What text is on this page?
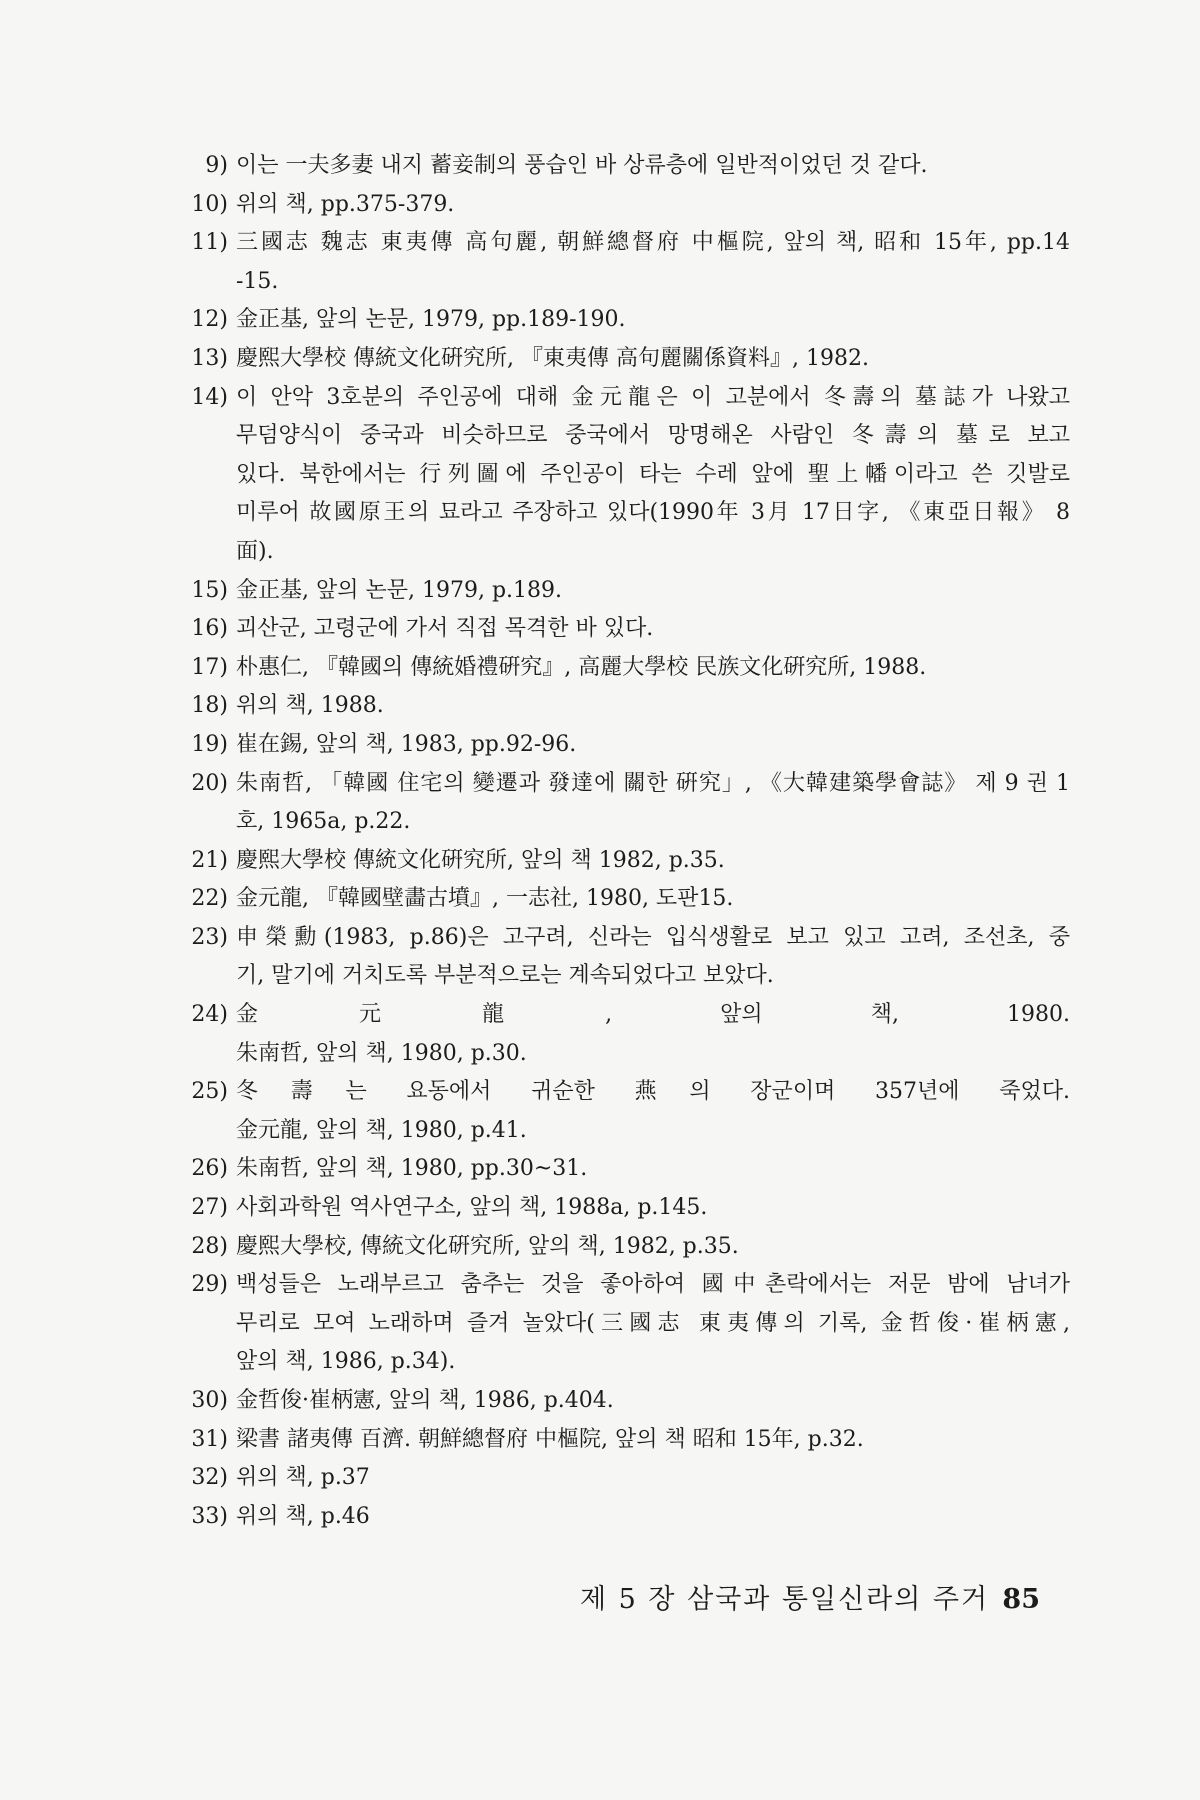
9) 이는 一夫多妻 내지 蓄妾制의 풍습인 바 상류층에 일반적이었던 것 같다.
10) 위의 책, pp.375-379.
11) 三國志 魏志 東夷傳 高句麗, 朝鮮總督府 中樞院, 앞의 책, 昭和 15年, pp.14
-15.
12) 金正基, 앞의 논문, 1979, pp.189-190.
13) 慶熙大學校 傳統文化硏究所, 『東夷傳 高句麗關係資料』, 1982.
14) 이 안악 3호분의 주인공에 대해 金元龍은 이 고분에서 冬壽의 墓誌가 나왔고
무덤양식이 중국과 비슷하므로 중국에서 망명해온 사람인 冬壽의 墓로 보고
있다. 북한에서는 行列圖에 주인공이 타는 수레 앞에 聖上幡이라고 쓴 깃발로
미루어 故國原王의 묘라고 주장하고 있다(1990年 3月 17日字, 《東亞日報》 8
面).
15) 金正基, 앞의 논문, 1979, p.189.
16) 괴산군, 고령군에 가서 직접 목격한 바 있다.
17) 朴惠仁, 『韓國의 傳統婚禮硏究』, 高麗大學校 民族文化硏究所, 1988.
18) 위의 책, 1988.
19) 崔在錫, 앞의 책, 1983, pp.92-96.
20) 朱南哲, 「韓國 住宅의 變遷과 發達에 關한 硏究」, 《大韓建築學會誌》 제 9 권 1
호, 1965a, p.22.
21) 慶熙大學校 傳統文化硏究所, 앞의 책 1982, p.35.
22) 金元龍, 『韓國壁畵古墳』, 一志社, 1980, 도판15.
23) 申榮勳(1983, p.86)은 고구려, 신라는 입식생활로 보고 있고 고려, 조선초, 중
기, 말기에 거치도록 부분적으로는 계속되었다고 보았다.
24) 金元龍, 앞의 책, 1980.
朱南哲, 앞의 책, 1980, p.30.
25) 冬壽는 요동에서 귀순한 燕의 장군이며 357년에 죽었다.
金元龍, 앞의 책, 1980, p.41.
26) 朱南哲, 앞의 책, 1980, pp.30~31.
27) 사회과학원 역사연구소, 앞의 책, 1988a, p.145.
28) 慶熙大學校, 傳統文化硏究所, 앞의 책, 1982, p.35.
29) 백성들은 노래부르고 춤추는 것을 좋아하여 國中촌락에서는 저문 밤에 남녀가
무리로 모여 노래하며 즐겨 놀았다(三國志 東夷傳의 기록, 金哲俊·崔柄憲,
앞의 책, 1986, p.34).
30) 金哲俊·崔柄憲, 앞의 책, 1986, p.404.
31) 梁書 諸夷傳 百濟. 朝鮮總督府 中樞院, 앞의 책 昭和 15年, p.32.
32) 위의 책, p.37
33) 위의 책, p.46
제 5 장 삼국과 통일신라의 주거 85
